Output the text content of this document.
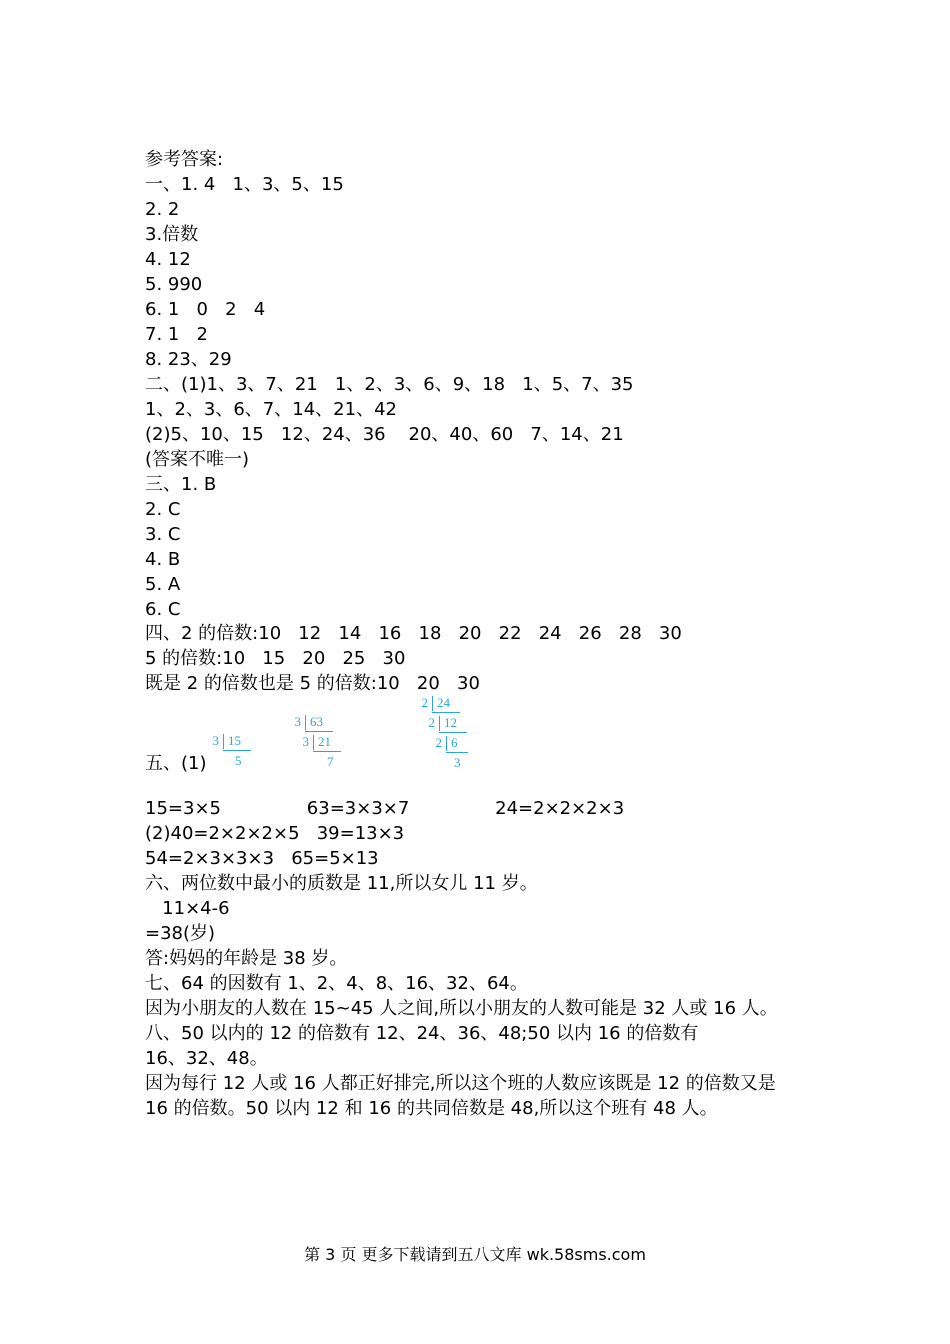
参考答案:
一、1. 4   1、3、5、15
2. 2
3.倍数
4. 12
5. 990
6. 1   0   2   4
7. 1   2
8. 23、29
二、(1)1、3、7、21   1、2、3、6、9、18   1、5、7、35
1、2、3、6、7、14、21、42
(2)5、10、15   12、24、36    20、40、60   7、14、21
(答案不唯一)
三、1. B
2. C
3. C
4. B
5. A
6. C
四、2 的倍数:10   12   14   16   18   20   22   24   26   28   30
5 的倍数:10   15   20   25   30
既是 2 的倍数也是 5 的倍数:10   20   30
3 15
5
3 63
3 21
7
2 24
2 12
2 6
3
五、(1)
15=3×5               63=3×3×7               24=2×2×2×3
(2)40=2×2×2×5   39=13×3
54=2×3×3×3   65=5×13
六、两位数中最小的质数是 11,所以女儿 11 岁。
11×4-6
=38(岁)
答:妈妈的年龄是 38 岁。
七、64 的因数有 1、2、4、8、16、32、64。
因为小朋友的人数在 15~45 人之间,所以小朋友的人数可能是 32 人或 16 人。
八、50 以内的 12 的倍数有 12、24、36、48;50 以内 16 的倍数有
16、32、48。
因为每行 12 人或 16 人都正好排完,所以这个班的人数应该既是 12 的倍数又是
16 的倍数。50 以内 12 和 16 的共同倍数是 48,所以这个班有 48 人。
第 3 页 更多下载请到五八文库 wk.58sms.com
